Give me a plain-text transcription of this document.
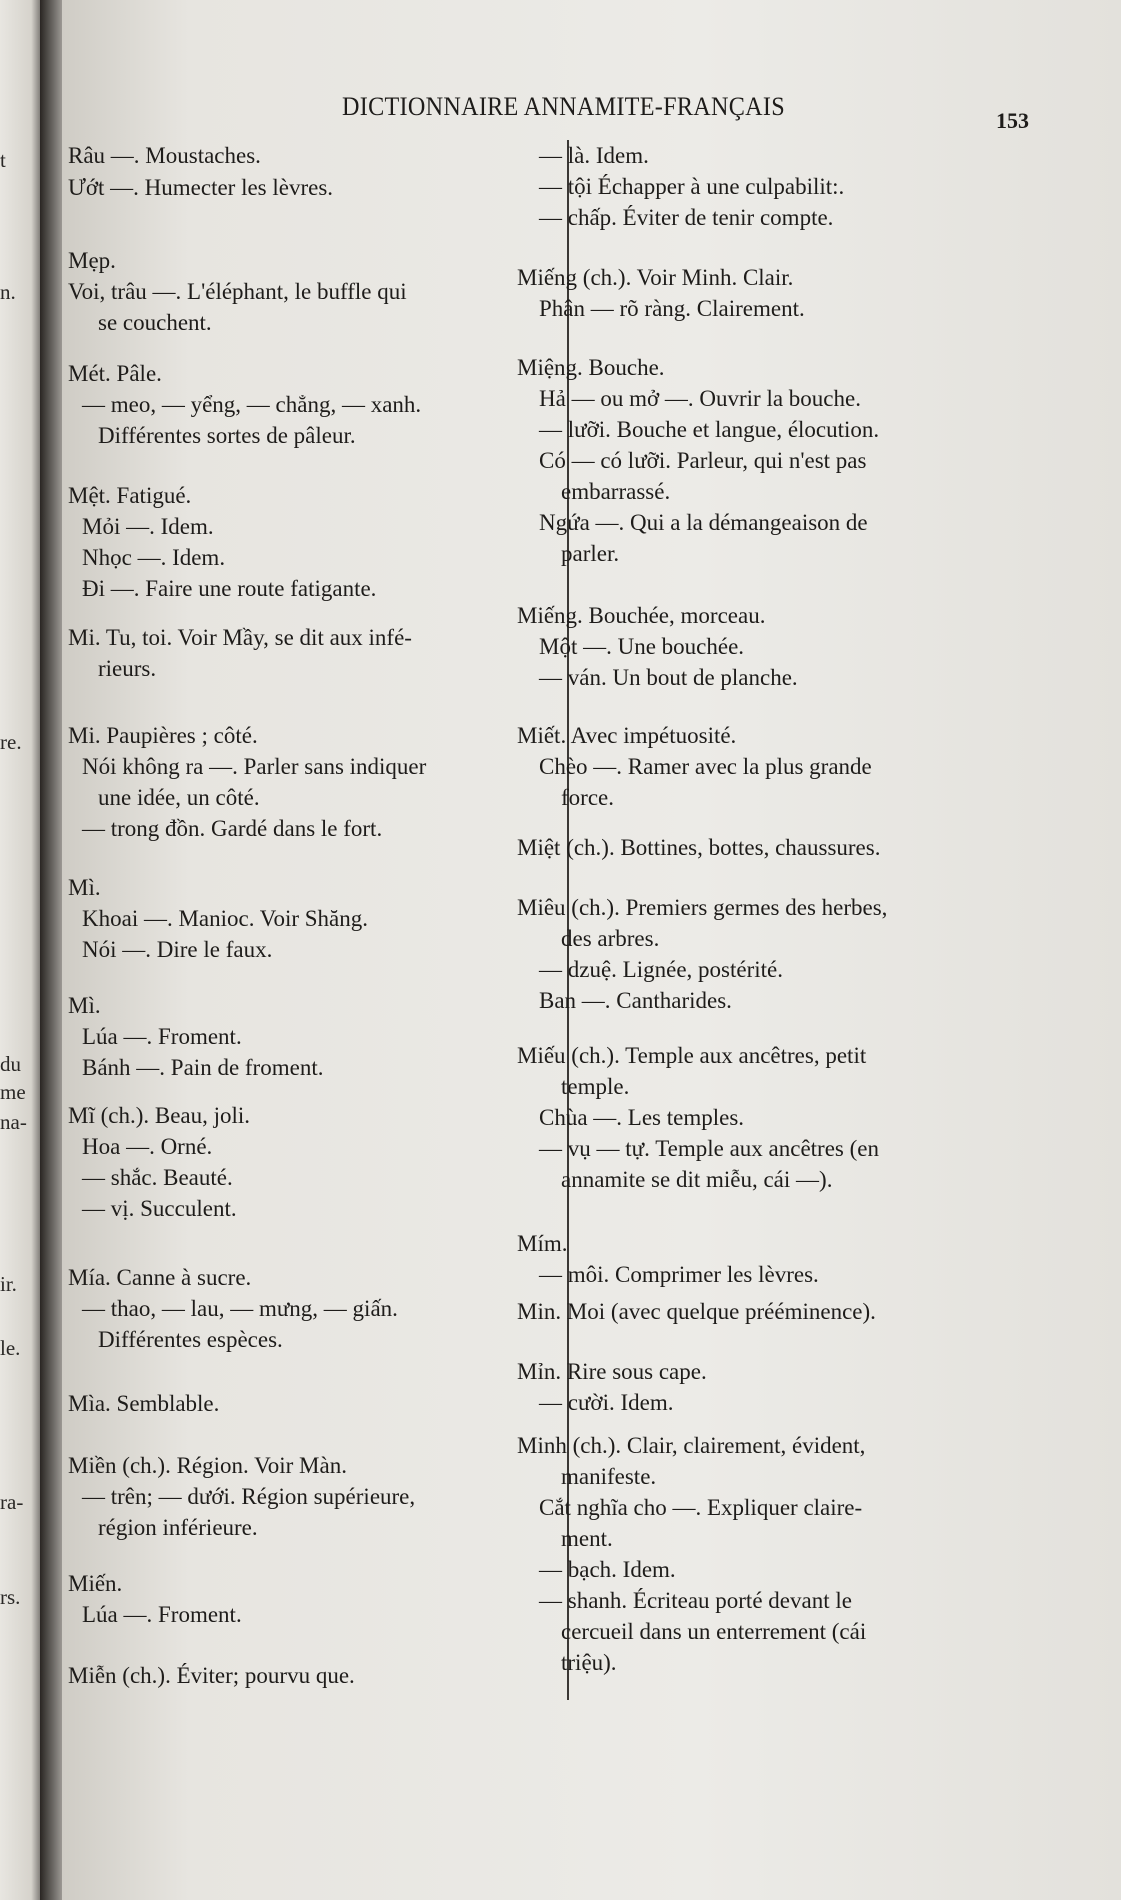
t
n.
re.
du
me
na-
ir.
le.
ra-
rs.
DICTIONNAIRE ANNAMITE-FRANÇAIS	153
Râu —. Moustaches.
Ướt —. Humecter les lèvres.
Mẹp.
Voi, trâu —. L'éléphant, le buffle qui
se couchent.
Mét. Pâle.
— meo, — yểng, — chẳng, — xanh.
Différentes sortes de pâleur.
Mệt. Fatigué.
Mỏi —. Idem.
Nhọc —. Idem.
Đi —. Faire une route fatigante.
Mi. Tu, toi. Voir Mầy, se dit aux infé-
rieurs.
Mi. Paupières ; côté.
Nói không ra —. Parler sans indiquer
une idée, un côté.
— trong đồn. Gardé dans le fort.
Mì.
Khoai —. Manioc. Voir Shăng.
Nói —. Dire le faux.
Mì.
Lúa —. Froment.
Bánh —. Pain de froment.
Mĩ (ch.). Beau, joli.
Hoa —. Orné.
— shắc. Beauté.
— vị. Succulent.
Mía. Canne à sucre.
— thao, — lau, — mưng, — giấn.
Différentes espèces.
Mìa. Semblable.
Miền (ch.). Région. Voir Màn.
— trên; — dưới. Région supérieure,
région inférieure.
Miến.
Lúa —. Froment.
Miễn (ch.). Éviter; pourvu que.
— là. Idem.
— tội Échapper à une culpabilit:.
— chấp. Éviter de tenir compte.
Miếng (ch.). Voir Minh. Clair.
Phân — rõ ràng. Clairement.
Miệng. Bouche.
Hả — ou mở —. Ouvrir la bouche.
— lưỡi. Bouche et langue, élocution.
Có — có lưỡi. Parleur, qui n'est pas
embarrassé.
Ngứa —. Qui a la démangeaison de
parler.
Miếng. Bouchée, morceau.
Một —. Une bouchée.
— ván. Un bout de planche.
Miết. Avec impétuosité.
Chèo —. Ramer avec la plus grande
force.
Miệt (ch.). Bottines, bottes, chaussures.
Miêu (ch.). Premiers germes des herbes,
des arbres.
— dzuệ. Lignée, postérité.
Ban —. Cantharides.
Miếu (ch.). Temple aux ancêtres, petit
temple.
Chùa —. Les temples.
— vụ — tự. Temple aux ancêtres (en
annamite se dit miễu, cái —).
Mím.
— môi. Comprimer les lèvres.
Min. Moi (avec quelque prééminence).
Mỉn. Rire sous cape.
— cười. Idem.
Minh (ch.). Clair, clairement, évident,
manifeste.
Cắt nghĩa cho —. Expliquer claire-
ment.
— bạch. Idem.
— shanh. Écriteau porté devant le
cercueil dans un enterrement (cái
triệu).
